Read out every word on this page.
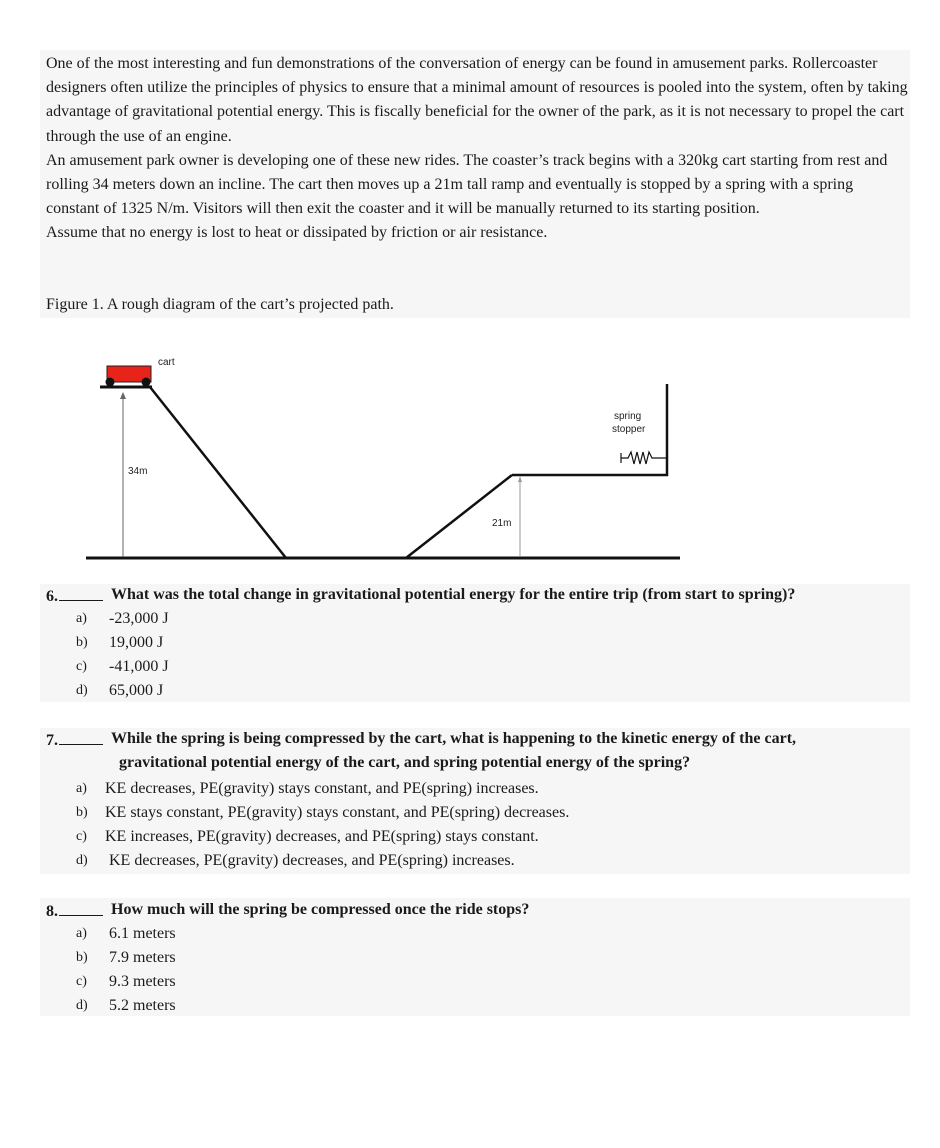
One of the most interesting and fun demonstrations of the conversation of energy can be found in amusement parks. Rollercoaster designers often utilize the principles of physics to ensure that a minimal amount of resources is pooled into the system, often by taking advantage of gravitational potential energy. This is fiscally beneficial for the owner of the park, as it is not necessary to propel the cart through the use of an engine.

An amusement park owner is developing one of these new rides. The coaster’s track begins with a 320kg cart starting from rest and rolling 34 meters down an incline. The cart then moves up a 21m tall ramp and eventually is stopped by a spring with a spring constant of 1325 N/m. Visitors will then exit the coaster and it will be manually returned to its starting position.

Assume that no energy is lost to heat or dissipated by friction or air resistance.

Figure 1. A rough diagram of the cart’s projected path.
cart
34m
21m
spring
stopper
6.	What was the total change in gravitational potential energy for the entire trip (from start to spring)?
a) -23,000 J
b) 19,000 J
c) -41,000 J
d) 65,000 J
7.	While the spring is being compressed by the cart, what is happening to the kinetic energy of the cart,
gravitational potential energy of the cart, and spring potential energy of the spring?
a) KE decreases, PE(gravity) stays constant, and PE(spring) increases.
b) KE stays constant, PE(gravity) stays constant, and PE(spring) decreases.
c) KE increases, PE(gravity) decreases, and PE(spring) stays constant.
d) KE decreases, PE(gravity) decreases, and PE(spring) increases.
8.	How much will the spring be compressed once the ride stops?
a) 6.1 meters
b) 7.9 meters
c) 9.3 meters
d) 5.2 meters
